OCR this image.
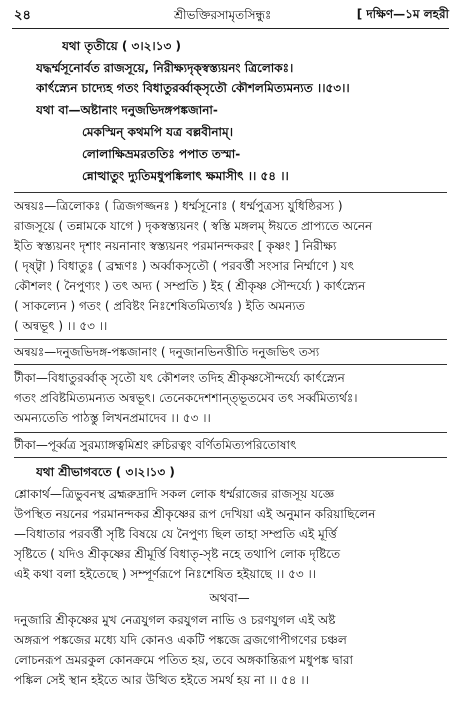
২৪	শ্রীভক্তিরসামৃতসিন্ধুঃ	[ দক্ষিণ—১ম লহরী
যথা তৃতীয়ে ( ৩।২।১৩ )
যদ্ধর্ম্মসূনোর্বত রাজসূয়ে, নিরীক্ষ্যদৃক্‌স্বস্ত্যয়নং ত্রিলোকঃ।
কার্ৎস্ন্যেন চাদ্যেহ গতং বিধাতুরর্ব্বাক্‌সৃতৌ কৌশলমিত্যমন্যত ।।৫৩।।
যথা বা—অষ্টানাং দনুজভিদঙ্গপঙ্কজানা-
মেকস্মিন্‌ কথমপি যত্র বল্লবীনাম্‌।
লোলাক্ষিভ্রমরততিঃ পপাত তস্মা-
ন্নোত্থাতুং দ্যুতিমধুপঙ্কিলাৎ ক্ষমাসীৎ ।। ৫৪ ।।
অন্বয়ঃ—ত্রিলোকঃ ( ত্রিজগজ্জনঃ ) ধর্ম্মসূনোঃ ( ধর্ম্মপুত্রস্য যুধিষ্ঠিরস্য )
রাজসূয়ে ( তন্নামকে যাগে ) দৃকস্বস্ত্যয়নং ( স্বস্তি মঙ্গলম্‌ ঈয়তে প্রাপ্যতে অনেন
ইতি স্বস্ত্যয়নং দৃশাং নয়নানাং স্বস্ত্যয়নং পরমানন্দকরং [ কৃষ্ণং ] নিরীক্ষ্য
( দৃষ্ট্বা ) বিধাতুঃ ( ব্রহ্মণঃ ) অর্ব্বাকসৃতৌ ( পরবর্ত্তী সংসার নির্ম্মাণে ) যৎ
কৌশলং ( নৈপুণ্যং ) তৎ অদ্য ( সম্প্রতি ) ইহ ( শ্রীকৃষ্ণ সৌন্দর্য্যে ) কার্ৎস্ন্যেন
( সাকল্যেন ) গতং ( প্রবিষ্টং নিঃশেষিতমিত্যর্থঃ ) ইতি অমন্যত
( অন্বভূৎ ) ।। ৫৩ ।।
অন্বয়ঃ—দনুজভিদঙ্গ-পঙ্কজানাং ( দনুজানভিনত্তীতি দনুজভিৎ তস্য
টীকা—বিধাতুরর্ব্বাক্‌ সৃতৌ যৎ কৌশলং তদিহ শ্রীকৃষ্ণসৌন্দর্য্যে কার্ৎস্ন্যেন
গতং প্রবিষ্টমিত্যমন্যত অন্বভূৎ। তেনেকদেশশান্ত্ভূতমেব তৎ সর্ব্বমিত্যর্থঃ।
অমন্যতেতি পাঠস্তু লিখনপ্রমাদেব ।। ৫৩ ।।
টীকা—পূর্ব্বত্র সুরম্যাঙ্গত্বমিশ্রং রুচিরত্বং বর্ণিতমিত্যপরিতোষাৎ
যথা শ্রীভাগবতে ( ৩।২।১৩ )
শ্লোকার্থ—ত্রিভুবনস্থ ব্রহ্মরুদ্রাদি সকল লোক ধর্ম্মরাজের রাজসূয় যজ্ঞে
উপস্থিত নয়নের পরমানন্দকর শ্রীকৃষ্ণের রূপ দেখিয়া এই অনুমান করিয়াছিলেন
—বিধাতার পরবর্ত্তী সৃষ্টি বিষয়ে যে নৈপুণ্য ছিল তাহা সম্প্রতি এই মূর্ত্তি
সৃষ্টিতে ( যদিও শ্রীকৃষ্ণের শ্রীমূর্ত্তি বিধাতৃ-সৃষ্ট নহে তথাপি লোক দৃষ্টিতে
এই কথা বলা হইতেছে ) সম্পূর্ণরূপে নিঃশেষিত হইয়াছে ।। ৫৩ ।।
অথবা—
দনুজারি শ্রীকৃষ্ণের মুখ নেত্রযুগল করযুগল নাভি ও চরণযুগল এই অষ্ট
অঙ্গরূপ পঙ্কজের মধ্যে যদি কোনও একটি পঙ্কজে ব্রজগোপীগণের চঞ্চল
লোচনরূপ ভ্রমরকুল কোনক্রমে পতিত হয়, তবে অঙ্গকান্তিরূপ মধুপঙ্ক দ্বারা
পঙ্কিল সেই স্থান হইতে আর উত্থিত হইতে সমর্থ হয় না ।। ৫৪ ।।
